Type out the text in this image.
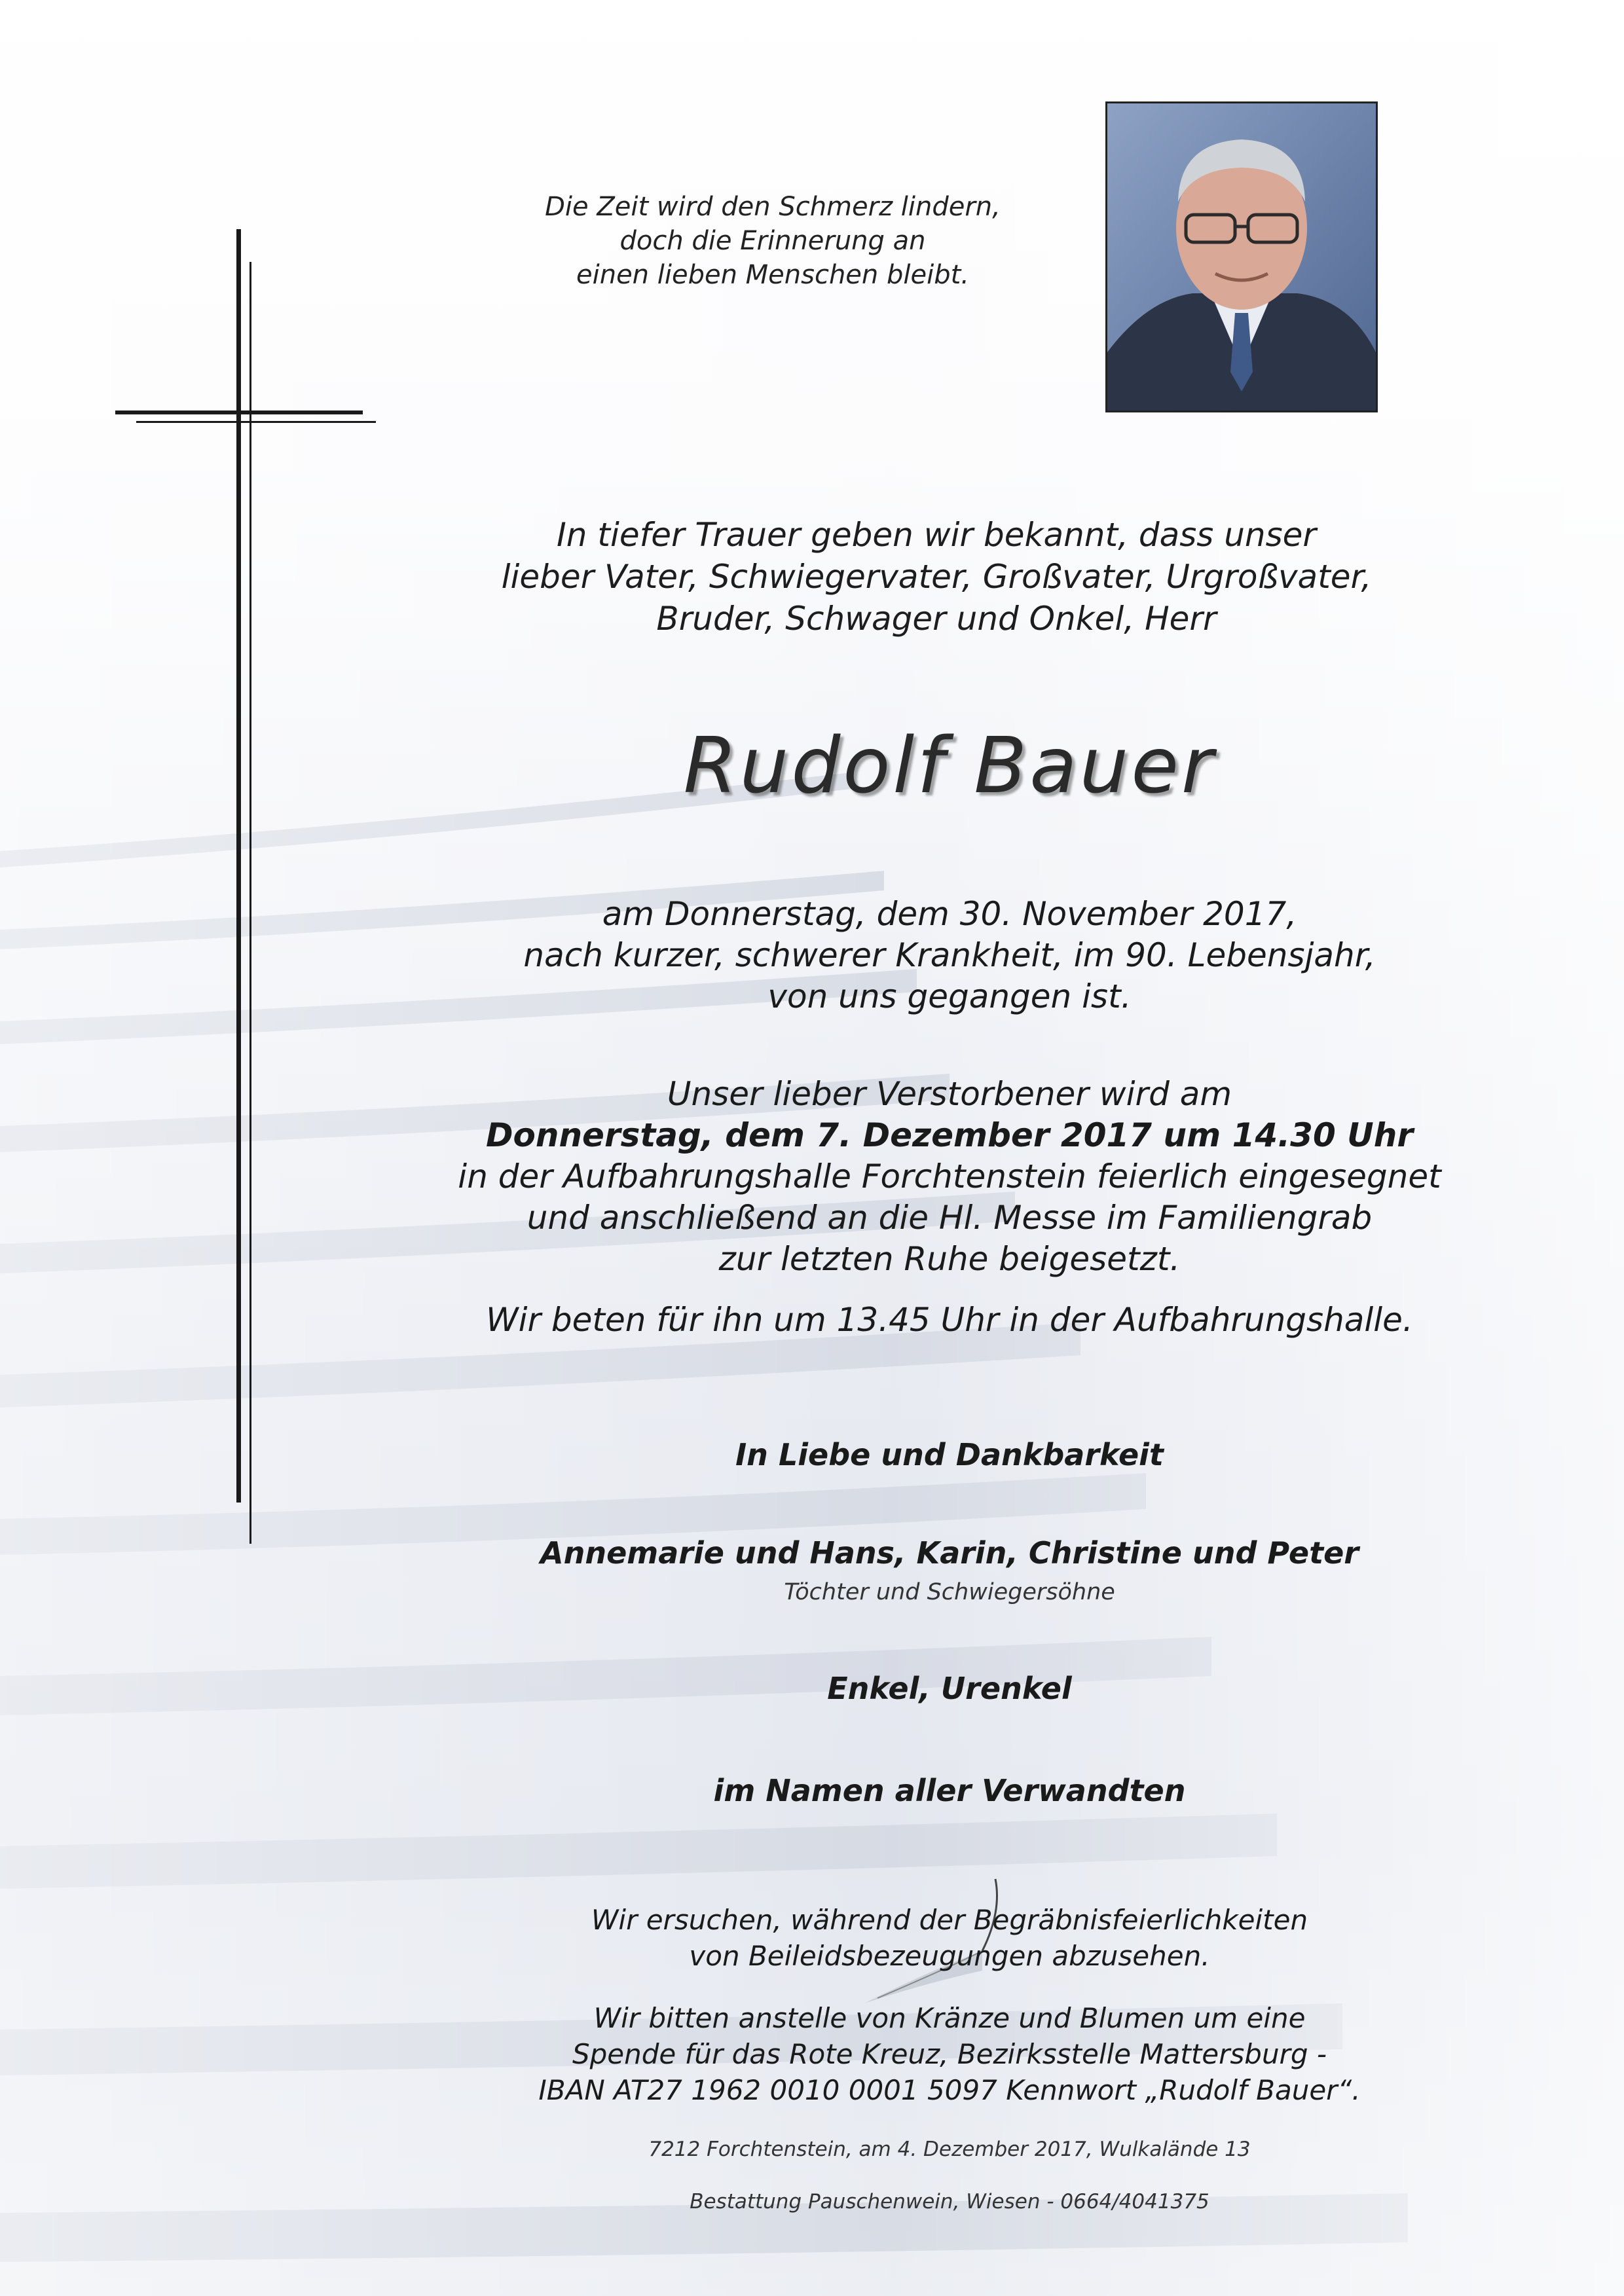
Die Zeit wird den Schmerz lindern,
doch die Erinnerung an
einen lieben Menschen bleibt.
In tiefer Trauer geben wir bekannt, dass unser
lieber Vater, Schwiegervater, Großvater, Urgroßvater,
Bruder, Schwager und Onkel, Herr
Rudolf Bauer
am Donnerstag, dem 30. November 2017,
nach kurzer, schwerer Krankheit, im 90. Lebensjahr,
von uns gegangen ist.
Unser lieber Verstorbener wird am
Donnerstag, dem 7. Dezember 2017 um 14.30 Uhr
in der Aufbahrungshalle Forchtenstein feierlich eingesegnet
und anschließend an die Hl. Messe im Familiengrab
zur letzten Ruhe beigesetzt.
Wir beten für ihn um 13.45 Uhr in der Aufbahrungshalle.
In Liebe und Dankbarkeit
Annemarie und Hans, Karin, Christine und Peter
Töchter und Schwiegersöhne
Enkel, Urenkel
im Namen aller Verwandten
Wir ersuchen, während der Begräbnisfeierlichkeiten
von Beileidsbezeugungen abzusehen.
Wir bitten anstelle von Kränze und Blumen um eine
Spende für das Rote Kreuz, Bezirksstelle Mattersburg -
IBAN AT27 1962 0010 0001 5097 Kennwort „Rudolf Bauer“.
7212 Forchtenstein, am 4. Dezember 2017, Wulkalände 13
Bestattung Pauschenwein, Wiesen - 0664/4041375
